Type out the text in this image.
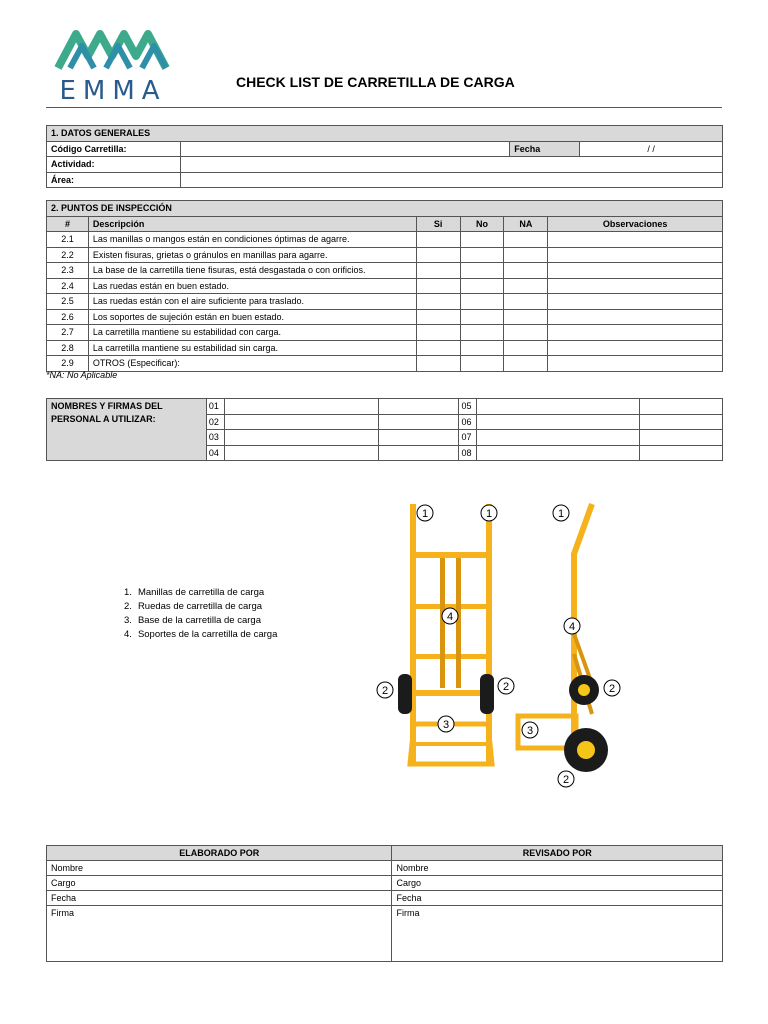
EMMA	CHECK LIST DE CARRETILLA DE CARGA
1. DATOS GENERALES			
Código Carretilla:		Fecha	/ /
Actividad:			
Área:			
2. PUNTOS DE INSPECCIÓN					
#	Descripción	Si	No	NA	Observaciones
2.1	Las manillas o mangos están en condiciones óptimas de agarre.				
2.2	Existen fisuras, grietas o gránulos en manillas para agarre.				
2.3	La base de la carretilla tiene fisuras, está desgastada o con orificios.				
2.4	Las ruedas están en buen estado.				
2.5	Las ruedas están con el aire suficiente para traslado.				
2.6	Los soportes de sujeción están en buen estado.				
2.7	La carretilla mantiene su estabilidad con carga.				
2.8	La carretilla mantiene su estabilidad sin carga.				
2.9	OTROS (Especificar):				
*NA: No Aplicable
NOMBRES Y FIRMAS DEL
PERSONAL A UTILIZAR:	01			05		
	02			06		
	03			07		
	04			08		
1. Manillas de carretilla de carga
2. Ruedas de carretilla de carga
3. Base de la carretilla de carga
4. Soportes de la carretilla de carga
1	1	1
4
4
2	2	2
3	3
2
ELABORADO POR	REVISADO POR
Nombre	Nombre
Cargo	Cargo
Fecha	Fecha
Firma	Firma
